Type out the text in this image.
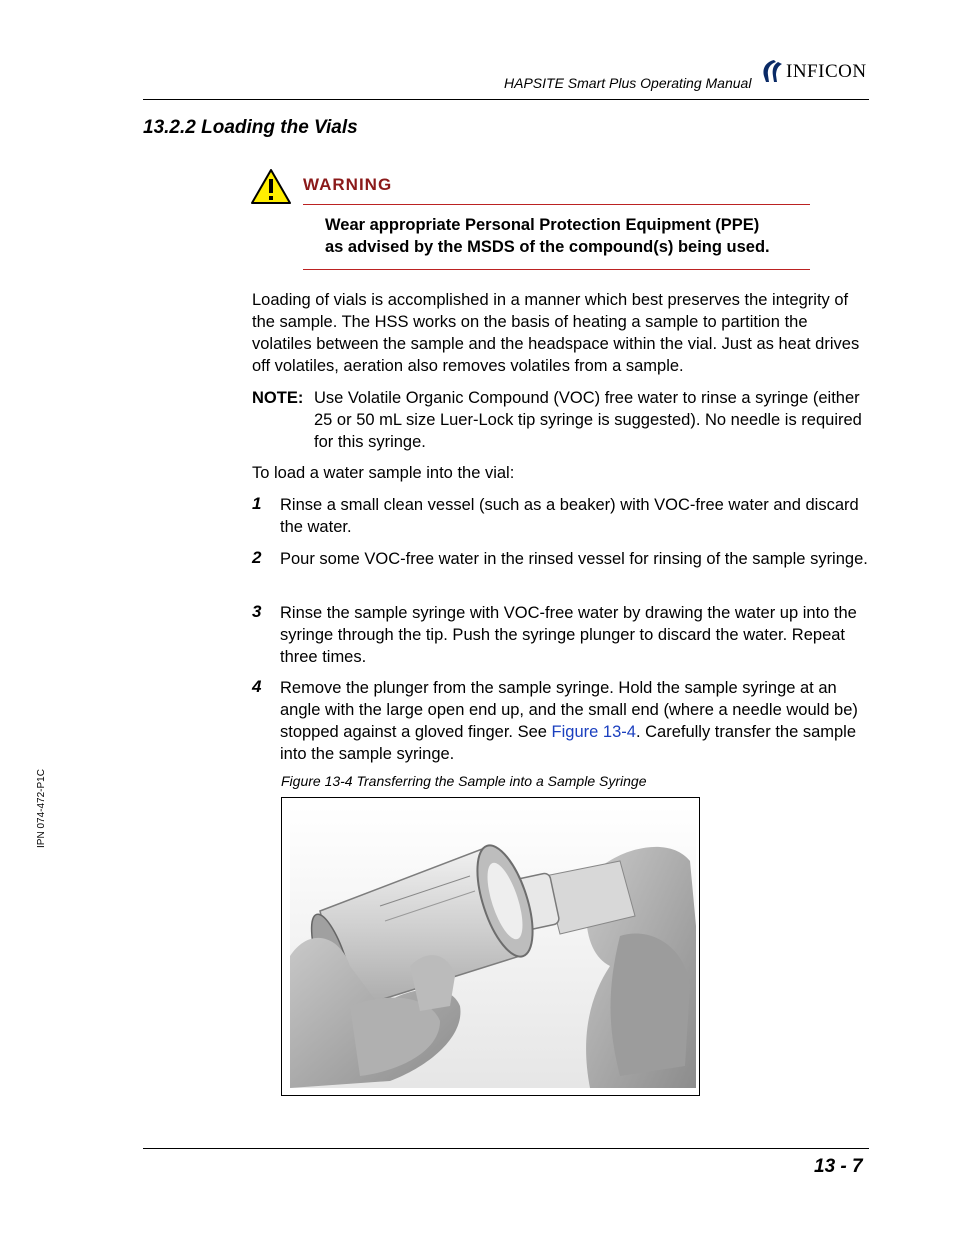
HAPSITE Smart Plus Operating Manual
INFICON
13.2.2 Loading the Vials
WARNING
Wear appropriate Personal Protection Equipment (PPE)
as advised by the MSDS of the compound(s) being used.
Loading of vials is accomplished in a manner which best preserves the integrity of the sample. The HSS works on the basis of heating a sample to partition the volatiles between the sample and the headspace within the vial. Just as heat drives off volatiles, aeration also removes volatiles from a sample.
NOTE: Use Volatile Organic Compound (VOC) free water to rinse a syringe (either 25 or 50 mL size Luer-Lock tip syringe is suggested). No needle is required for this syringe.
To load a water sample into the vial:
1 Rinse a small clean vessel (such as a beaker) with VOC-free water and discard the water.
2 Pour some VOC-free water in the rinsed vessel for rinsing of the sample syringe.
3 Rinse the sample syringe with VOC-free water by drawing the water up into the syringe through the tip. Push the syringe plunger to discard the water. Repeat three times.
4 Remove the plunger from the sample syringe. Hold the sample syringe at an angle with the large open end up, and the small end (where a needle would be) stopped against a gloved finger. See Figure 13-4. Carefully transfer the sample into the sample syringe.
Figure 13-4 Transferring the Sample into a Sample Syringe
IPN 074-472-P1C
13 - 7
